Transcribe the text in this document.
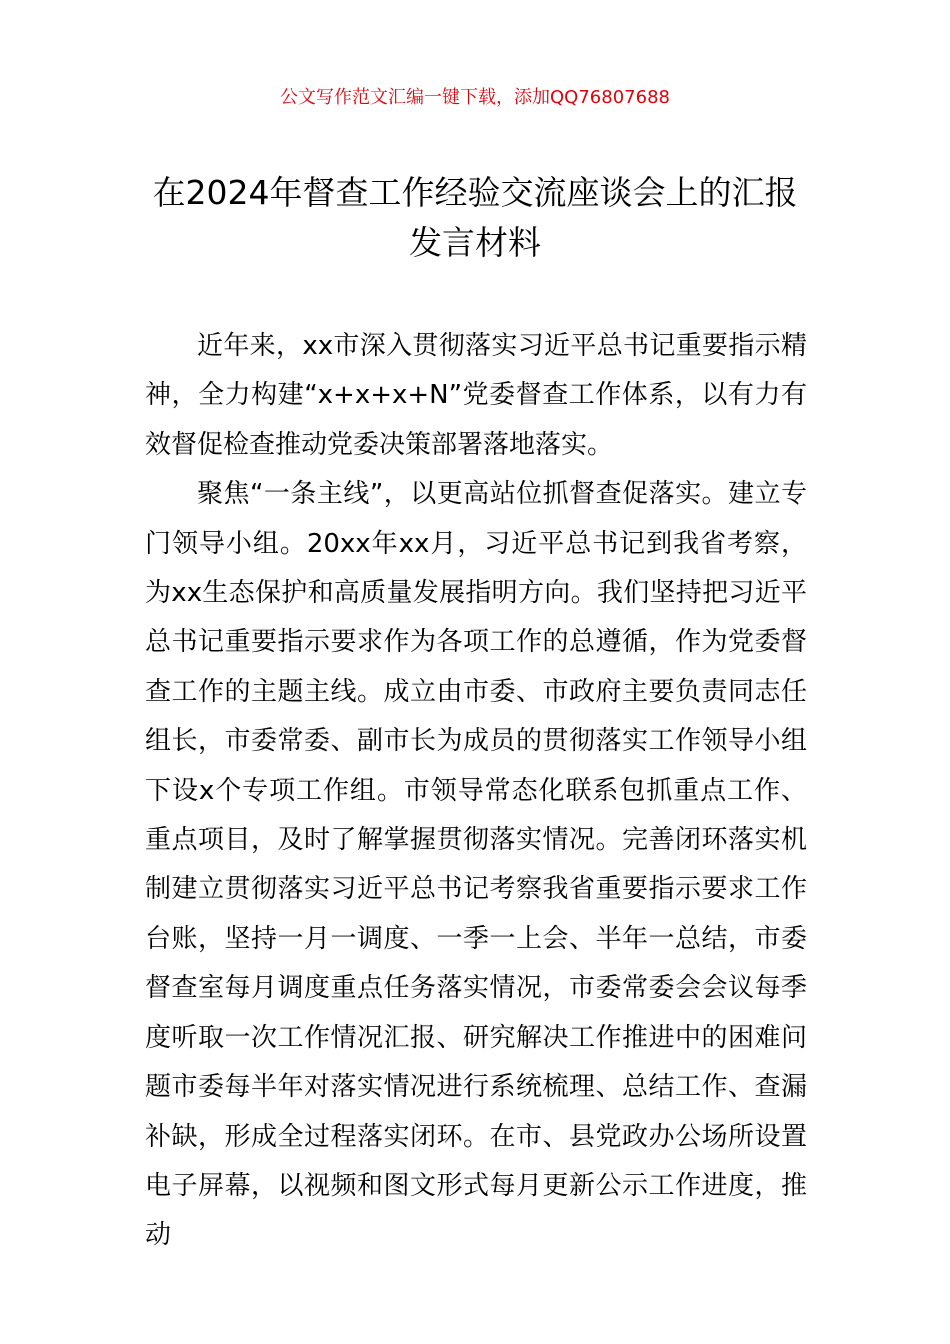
公文写作范文汇编一键下载，添加QQ76807688
在2024年督查工作经验交流座谈会上的汇报发言材料

近年来，xx市深入贯彻落实习近平总书记重要指示精神，全力构建“x+x+x+N”党委督查工作体系，以有力有效督促检查推动党委决策部署落地落实。

聚焦“一条主线”，以更高站位抓督查促落实。建立专门领导小组。20xx年xx月，习近平总书记到我省考察，为xx生态保护和高质量发展指明方向。我们坚持把习近平总书记重要指示要求作为各项工作的总遵循，作为党委督查工作的主题主线。成立由市委、市政府主要负责同志任组长，市委常委、副市长为成员的贯彻落实工作领导小组下设x个专项工作组。市领导常态化联系包抓重点工作、重点项目，及时了解掌握贯彻落实情况。完善闭环落实机制建立贯彻落实习近平总书记考察我省重要指示要求工作台账，坚持一月一调度、一季一上会、半年一总结，市委督查室每月调度重点任务落实情况，市委常委会会议每季度听取一次工作情况汇报、研究解决工作推进中的困难问题市委每半年对落实情况进行系统梳理、总结工作、查漏补缺，形成全过程落实闭环。在市、县党政办公场所设置电子屏幕，以视频和图文形式每月更新公示工作进度，推动
